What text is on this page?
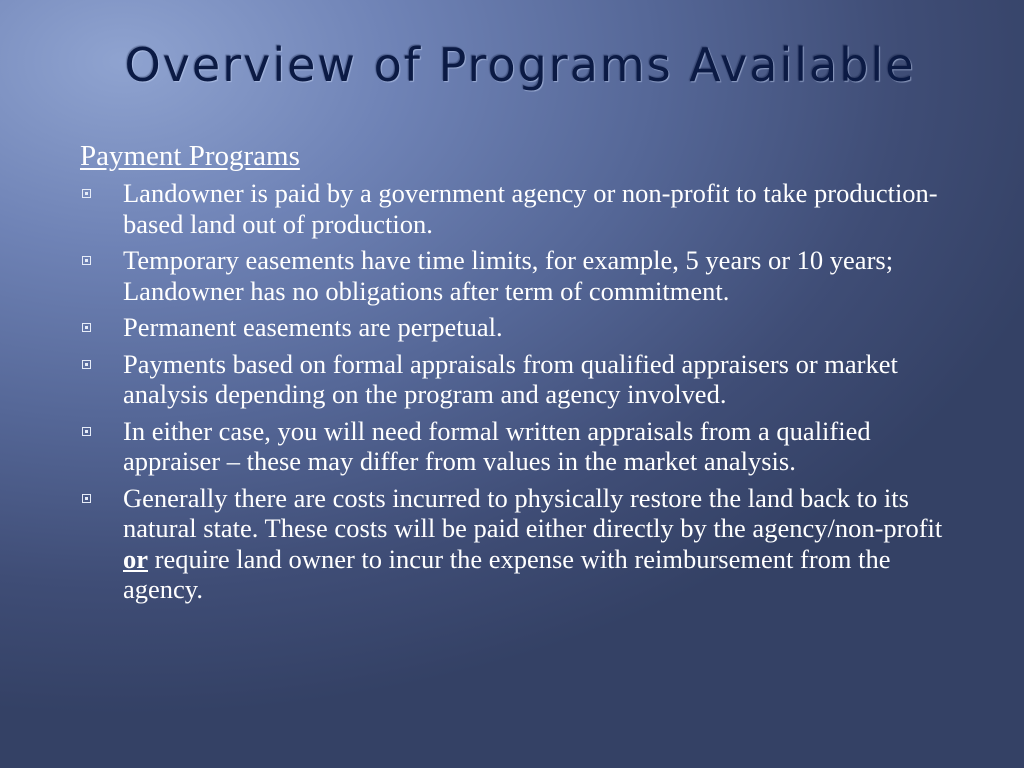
Overview of Programs Available
Payment Programs
Landowner is paid by a government agency or non-profit to take production-based land out of production.
Temporary easements have time limits, for example, 5 years or 10 years; Landowner has no obligations after term of commitment.
Permanent easements are perpetual.
Payments based on formal appraisals from qualified appraisers or market analysis depending on the program and agency involved.
In either case, you will need formal written appraisals from a qualified appraiser – these may differ from values in the market analysis.
Generally there are costs incurred to physically restore the land back to its natural state. These costs will be paid either directly by the agency/non-profit or require land owner to incur the expense with reimbursement from the agency.
